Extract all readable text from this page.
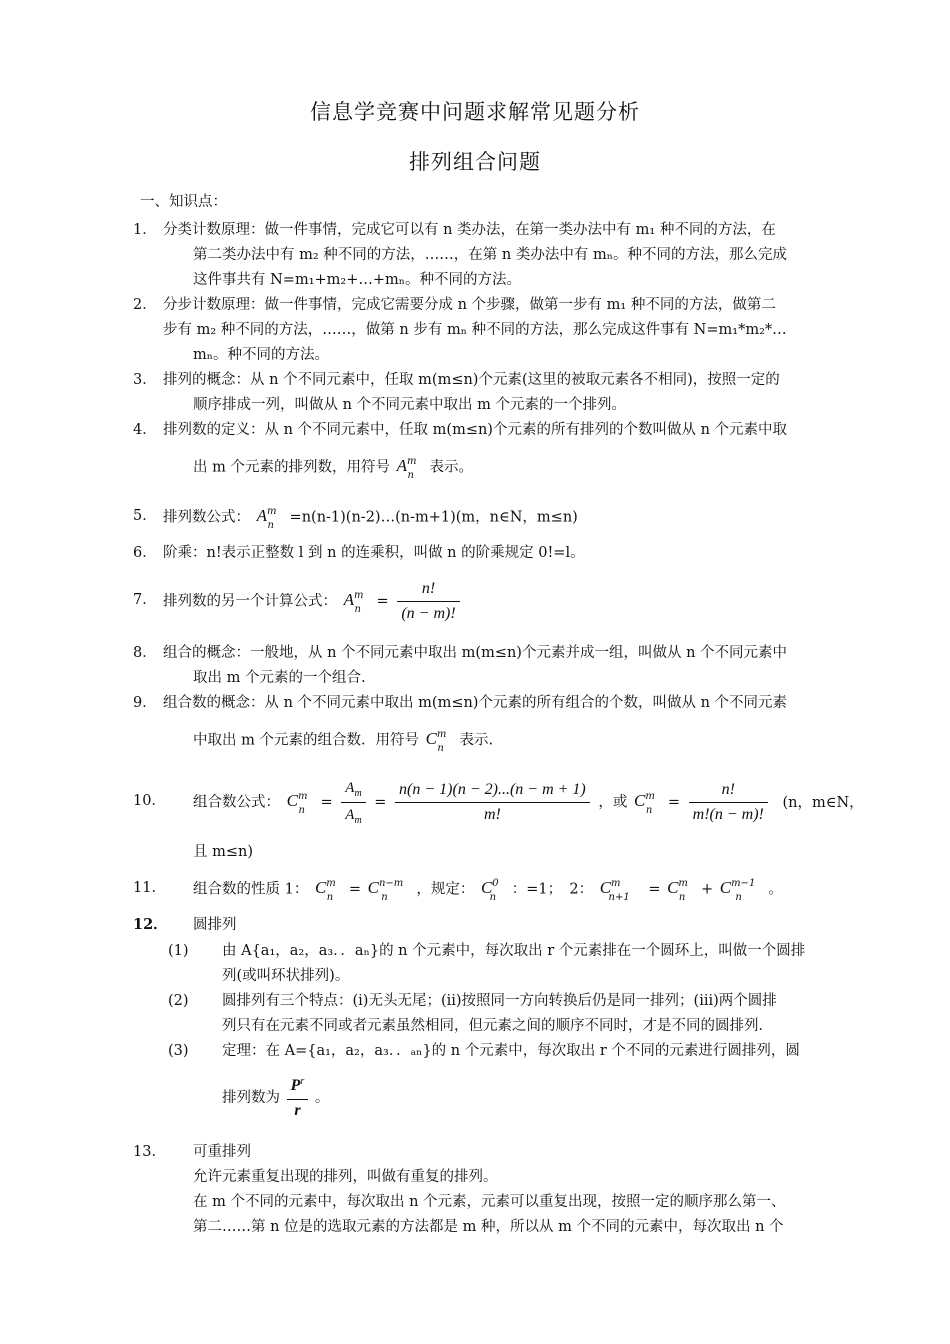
信息学竞赛中问题求解常见题分析
排列组合问题
一、知识点：
1． 分类计数原理：做一件事情，完成它可以有 n 类办法，在第一类办法中有 m₁ 种不同的方法，在
第二类办法中有 m₂ 种不同的方法，……，在第 n 类办法中有 mₙ。种不同的方法，那么完成
这件事共有 N=m₁+m₂+…+mₙ。种不同的方法。
2． 分步计数原理：做一件事情，完成它需要分成 n 个步骤，做第一步有 m₁ 种不同的方法，做第二
步有 m₂ 种不同的方法，……，做第 n 步有 mₙ 种不同的方法，那么完成这件事有 N=m₁*m₂*…
mₙ。种不同的方法。
3． 排列的概念：从 n 个不同元素中，任取 m(m≤n)个元素(这里的被取元素各不相同)，按照一定的
顺序排成一列，叫做从 n 个不同元素中取出 m 个元素的一个排列。
4． 排列数的定义：从 n 个不同元素中，任取 m(m≤n)个元素的所有排列的个数叫做从 n 个元素中取
出 m 个元素的排列数，用符号 $A^m_n$ 表示。
5． 排列数公式： $A^m_n$ =n(n-1)(n-2)…(n-m+1)(m，n∈N，m≤n)
6． 阶乘：n!表示正整数 l 到 n 的连乘积，叫做 n 的阶乘规定 0!=l。
7． 排列数的另一个计算公式： $A^m_n = \frac{n!}{(n - m)!}$
8． 组合的概念：一般地，从 n 个不同元素中取出 m(m≤n)个元素并成一组，叫做从 n 个不同元素中
取出 m 个元素的一个组合.
9． 组合数的概念：从 n 个不同元素中取出 m(m≤n)个元素的所有组合的个数，叫做从 n 个不同元素
中取出 m 个元素的组合数．用符号 $C^m_n$ 表示.
10． 组合数公式： $C^m_n = \frac{A_m}{A_m} = \frac{n(n - 1)(n - 2)...(n - m + 1)}{m!}$ ，或 $C^m_n = \frac{n!}{m!(n - m)!} (n$，m∈N，
且 m≤n)
11． 组合数的性质 1： $C^m_n = C^{n-m}_n$ ，规定： $C^0_n$ ：=1；　2： $C^m_{n+1} = C^m_n + C^{m-1}_n$ 。
12． 圆排列
(1) 由 A{a₁，a₂，a₃．．aₙ}的 n 个元素中，每次取出 r 个元素排在一个圆环上，叫做一个圆排
列(或叫环状排列)。
(2) 圆排列有三个特点：(i)无头无尾；(ii)按照同一方向转换后仍是同一排列；(iii)两个圆排
列只有在元素不同或者元素虽然相同，但元素之间的顺序不同时，才是不同的圆排列．
(3) 定理：在 A={a₁，a₂，a₃．．ₐₙ}的 n 个元素中，每次取出 r 个不同的元素进行圆排列，圆
排列数为 $\frac{P^r}{r}$ 。
13． 可重排列
允许元素重复出现的排列，叫做有重复的排列。
在 m 个不同的元素中，每次取出 n 个元素，元素可以重复出现，按照一定的顺序那么第一、
第二……第 n 位是的选取元素的方法都是 m 种，所以从 m 个不同的元素中，每次取出 n 个
